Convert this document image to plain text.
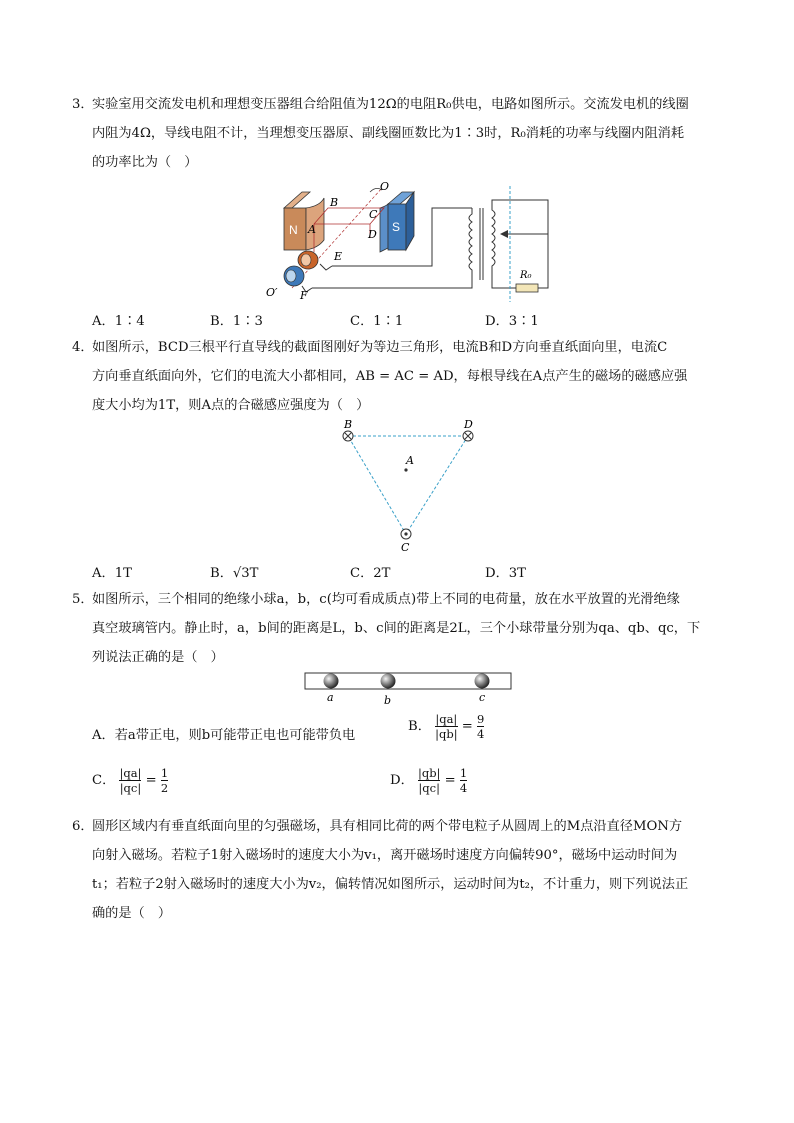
3．实验室用交流发电机和理想变压器组合给阻值为12Ω的电阻R₀供电，电路如图所示。交流发电机的线圈

内阻为4Ω，导线电阻不计，当理想变压器原、副线圈匝数比为1∶3时，R₀消耗的功率与线圈内阻消耗

的功率比为（　）

N	S
R₀
B
O
C
D
A
E
F
O′
A．1∶4	B．1∶3	C．1∶1	D．3∶1

4．如图所示，BCD三根平行直导线的截面图刚好为等边三角形，电流B和D方向垂直纸面向里，电流C

方向垂直纸面向外，它们的电流大小都相同，AB = AC = AD，每根导线在A点产生的磁场的磁感应强

度大小均为1T，则A点的合磁感应强度为（　）

B	D
A
C
A．1T	B．√3T	C．2T	D．3T

5．如图所示，三个相同的绝缘小球a，b，c(均可看成质点)带上不同的电荷量，放在水平放置的光滑绝缘

真空玻璃管内。静止时，a，b间的距离是L，b、c间的距离是2L，三个小球带量分别为qa、qb、qc，下

列说法正确的是（　）

a	b	c
A．若a带正电，则b可能带正电也可能带负电
B． $\frac{|qa|}{|qb|} = \frac{9}{4}$
C． $\frac{|qa|}{|qc|} = \frac{1}{2}$	D． $\frac{|qb|}{|qc|} = \frac{1}{4}$

6．圆形区域内有垂直纸面向里的匀强磁场，具有相同比荷的两个带电粒子从圆周上的M点沿直径MON方

向射入磁场。若粒子1射入磁场时的速度大小为v₁，离开磁场时速度方向偏转90°，磁场中运动时间为

t₁；若粒子2射入磁场时的速度大小为v₂，偏转情况如图所示，运动时间为t₂，不计重力，则下列说法正

确的是（　）
